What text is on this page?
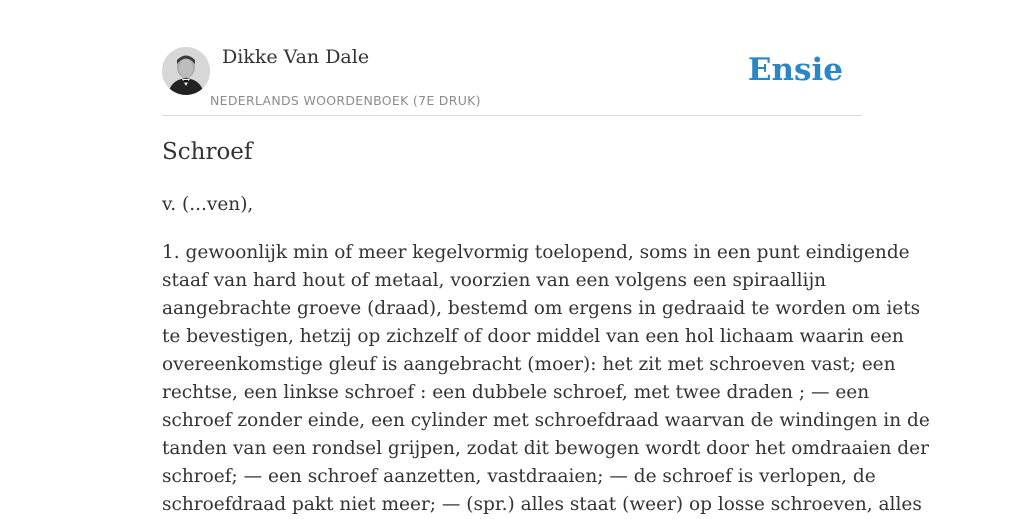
Dikke Van Dale
NEDERLANDS WOORDENBOEK (7E DRUK)
Ensie
Schroef

v. (...ven),

1. gewoonlijk min of meer kegelvormig toelopend, soms in een punt eindigende
staaf van hard hout of metaal, voorzien van een volgens een spiraallijn
aangebrachte groeve (draad), bestemd om ergens in gedraaid te worden om iets
te bevestigen, hetzij op zichzelf of door middel van een hol lichaam waarin een
overeenkomstige gleuf is aangebracht (moer): het zit met schroeven vast; een
rechtse, een linkse schroef : een dubbele schroef, met twee draden ; — een
schroef zonder einde, een cylinder met schroefdraad waarvan de windingen in de
tanden van een rondsel grijpen, zodat dit bewogen wordt door het omdraaien der
schroef; — een schroef aanzetten, vastdraaien; — de schroef is verlopen, de
schroefdraad pakt niet meer; — (spr.) alles staat (weer) op losse schroeven, alles
